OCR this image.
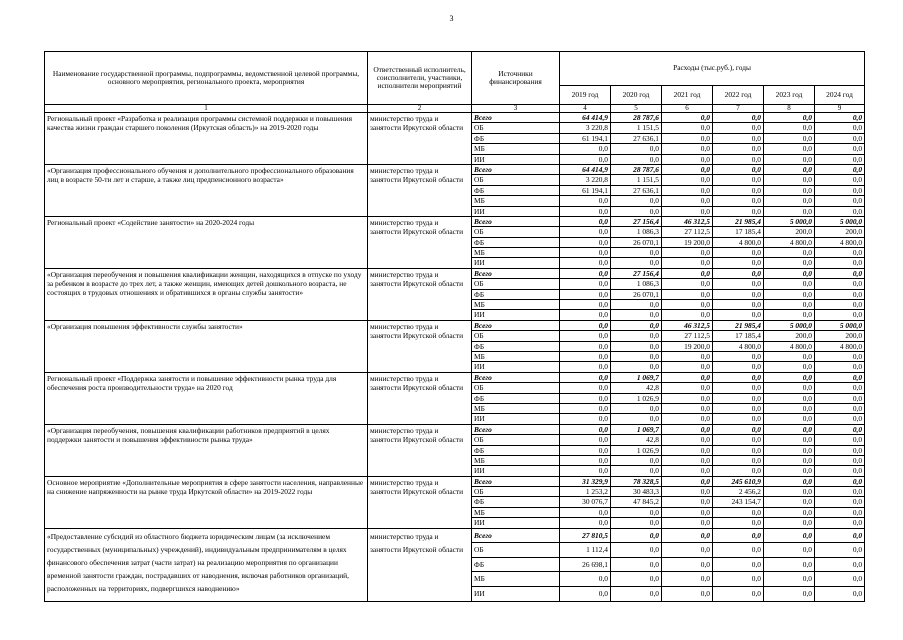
3
Наименование государственной программы, подпрограммы, ведомственной целевой программы, основного мероприятия, регионального проекта, мероприятия	Ответственный исполнитель, соисполнители, участники, исполнители мероприятий	Источники финансирования	Расходы (тыс.руб.), годы					
			2019 год	2020 год	2021 год	2022 год	2023 год	2024 год
1	2	3	4	5	6	7	8	9
Региональный проект «Разработка и реализация программы системной поддержки и повышения качества жизни граждан старшего поколения (Иркутская область)» на 2019-2020 годы	министерство труда и занятости Иркутской области	Всего	64 414,9	28 787,6	0,0	0,0	0,0	0,0
		ОБ	3 220,8	1 151,5	0,0	0,0	0,0	0,0
		ФБ	61 194,1	27 636,1	0,0	0,0	0,0	0,0
		МБ	0,0	0,0	0,0	0,0	0,0	0,0
		ИИ	0,0	0,0	0,0	0,0	0,0	0,0
«Организация профессионального обучения и дополнительного профессионального образования лиц в возрасте 50-ти лет и старше, а также лиц предпенсионного возраста»	министерство труда и занятости Иркутской области	Всего	64 414,9	28 787,6	0,0	0,0	0,0	0,0
		ОБ	3 220,8	1 151,5	0,0	0,0	0,0	0,0
		ФБ	61 194,1	27 636,1	0,0	0,0	0,0	0,0
		МБ	0,0	0,0	0,0	0,0	0,0	0,0
		ИИ	0,0	0,0	0,0	0,0	0,0	0,0
Региональный проект «Содействие занятости» на 2020-2024 годы	министерство труда и занятости Иркутской области	Всего	0,0	27 156,4	46 312,5	21 985,4	5 000,0	5 000,0
		ОБ	0,0	1 086,3	27 112,5	17 185,4	200,0	200,0
		ФБ	0,0	26 070,1	19 200,0	4 800,0	4 800,0	4 800,0
		МБ	0,0	0,0	0,0	0,0	0,0	0,0
		ИИ	0,0	0,0	0,0	0,0	0,0	0,0
«Организация переобучения и повышения квалификации женщин, находящихся в отпуске по уходу за ребенком в возрасте до трех лет, а также женщин, имеющих детей дошкольного возраста, не состоящих в трудовых отношениях и обратившихся в органы службы занятости»	министерство труда и занятости Иркутской области	Всего	0,0	27 156,4	0,0	0,0	0,0	0,0
		ОБ	0,0	1 086,3	0,0	0,0	0,0	0,0
		ФБ	0,0	26 070,1	0,0	0,0	0,0	0,0
		МБ	0,0	0,0	0,0	0,0	0,0	0,0
		ИИ	0,0	0,0	0,0	0,0	0,0	0,0
«Организация повышения эффективности службы занятости»	министерство труда и занятости Иркутской области	Всего	0,0	0,0	46 312,5	21 985,4	5 000,0	5 000,0
		ОБ	0,0	0,0	27 112,5	17 185,4	200,0	200,0
		ФБ	0,0	0,0	19 200,0	4 800,0	4 800,0	4 800,0
		МБ	0,0	0,0	0,0	0,0	0,0	0,0
		ИИ	0,0	0,0	0,0	0,0	0,0	0,0
Региональный проект «Поддержка занятости и повышение эффективности рынка труда для обеспечения роста производительности труда» на 2020 год	министерство труда и занятости Иркутской области	Всего	0,0	1 069,7	0,0	0,0	0,0	0,0
		ОБ	0,0	42,8	0,0	0,0	0,0	0,0
		ФБ	0,0	1 026,9	0,0	0,0	0,0	0,0
		МБ	0,0	0,0	0,0	0,0	0,0	0,0
		ИИ	0,0	0,0	0,0	0,0	0,0	0,0
«Организация переобучения, повышения квалификации работников предприятий в целях поддержки занятости и повышения эффективности рынка труда»	министерство труда и занятости Иркутской области	Всего	0,0	1 069,7	0,0	0,0	0,0	0,0
		ОБ	0,0	42,8	0,0	0,0	0,0	0,0
		ФБ	0,0	1 026,9	0,0	0,0	0,0	0,0
		МБ	0,0	0,0	0,0	0,0	0,0	0,0
		ИИ	0,0	0,0	0,0	0,0	0,0	0,0
Основное мероприятие «Дополнительные мероприятия в сфере занятости населения, направленные на снижение напряженности на рынке труда Иркутской области» на 2019-2022 годы	министерство труда и занятости Иркутской области	Всего	31 329,9	78 328,5	0,0	245 610,9	0,0	0,0
		ОБ	1 253,2	30 483,3	0,0	2 456,2	0,0	0,0
		ФБ	30 076,7	47 845,2	0,0	243 154,7	0,0	0,0
		МБ	0,0	0,0	0,0	0,0	0,0	0,0
		ИИ	0,0	0,0	0,0	0,0	0,0	0,0
«Предоставление субсидий из областного бюджета юридическим лицам (за исключением государственных (муниципальных) учреждений), индивидуальным предпринимателям в целях финансового обеспечения затрат (части затрат) на реализацию мероприятия по организации временной занятости граждан, пострадавших от наводнения, включая работников организаций, расположенных на территориях, подвергшихся наводнению»	министерство труда и занятости Иркутской области	Всего	27 810,5	0,0	0,0	0,0	0,0	0,0
		ОБ	1 112,4	0,0	0,0	0,0	0,0	0,0
		ФБ	26 698,1	0,0	0,0	0,0	0,0	0,0
		МБ	0,0	0,0	0,0	0,0	0,0	0,0
		ИИ	0,0	0,0	0,0	0,0	0,0	0,0
